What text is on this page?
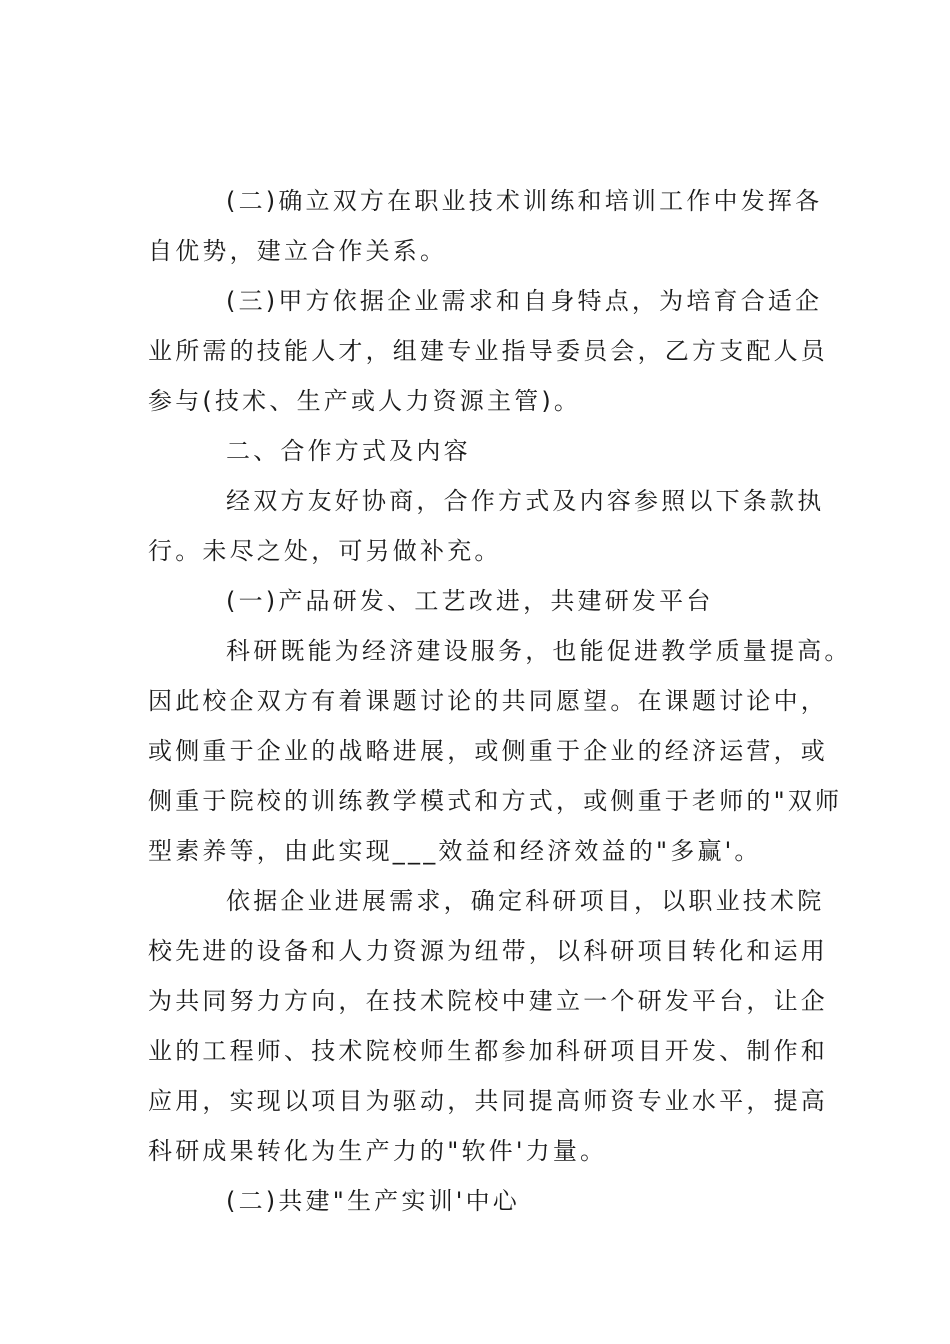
(二)确立双方在职业技术训练和培训工作中发挥各
自优势，建立合作关系。
(三)甲方依据企业需求和自身特点，为培育合适企
业所需的技能人才，组建专业指导委员会，乙方支配人员
参与(技术、生产或人力资源主管)。
二、合作方式及内容
经双方友好协商，合作方式及内容参照以下条款执
行。未尽之处，可另做补充。
(一)产品研发、工艺改进，共建研发平台
科研既能为经济建设服务，也能促进教学质量提高。
因此校企双方有着课题讨论的共同愿望。在课题讨论中，
或侧重于企业的战略进展，或侧重于企业的经济运营，或
侧重于院校的训练教学模式和方式，或侧重于老师的"双师
型素养等，由此实现___效益和经济效益的"多赢'。
依据企业进展需求，确定科研项目，以职业技术院
校先进的设备和人力资源为纽带，以科研项目转化和运用
为共同努力方向，在技术院校中建立一个研发平台，让企
业的工程师、技术院校师生都参加科研项目开发、制作和
应用，实现以项目为驱动，共同提高师资专业水平，提高
科研成果转化为生产力的"软件'力量。
(二)共建"生产实训'中心
